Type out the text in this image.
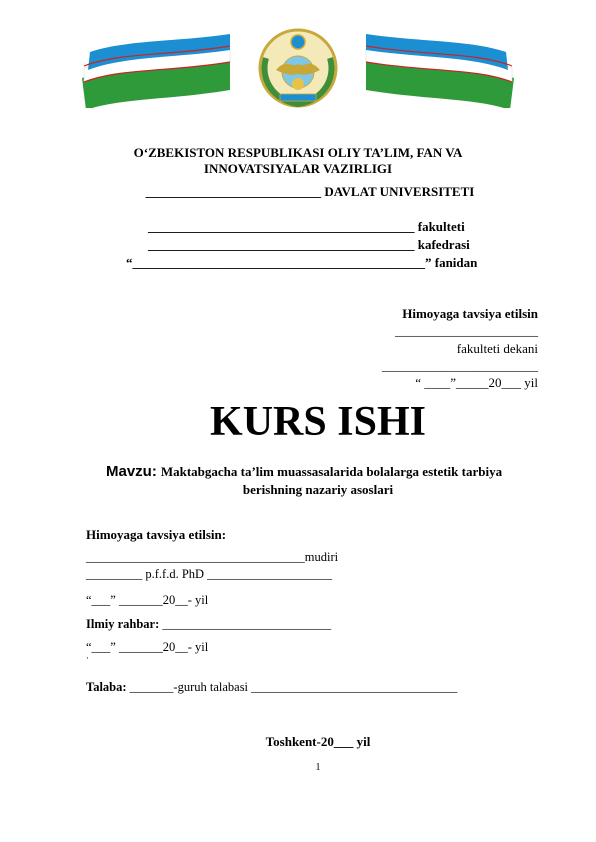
O‘ZBEKISTON RESPUBLIKASI OLIY TA’LIM, FAN VA
INNOVATSIYALAR VAZIRLIGI
___________________________ DAVLAT UNIVERSITETI
_________________________________________ fakulteti
_________________________________________ kafedrasi
“_____________________________________________” fanidan
Himoyaga tavsiya etilsin
______________________
fakulteti dekani
________________________
“ ____”_____20___ yil
KURS ISHI
Mavzu: Maktabgacha ta’lim muassasalarida bolalarga estetik tarbiya
berishning nazariy asoslari
Himoyaga tavsiya etilsin:
___________________________________mudiri
_________ p.f.f.d. PhD ____________________
“___” _______20__- yil
Ilmiy rahbar: ___________________________
“___” _______20__- yil
·
Talaba: _______-guruh talabasi _________________________________
Toshkent-20___ yil
1
